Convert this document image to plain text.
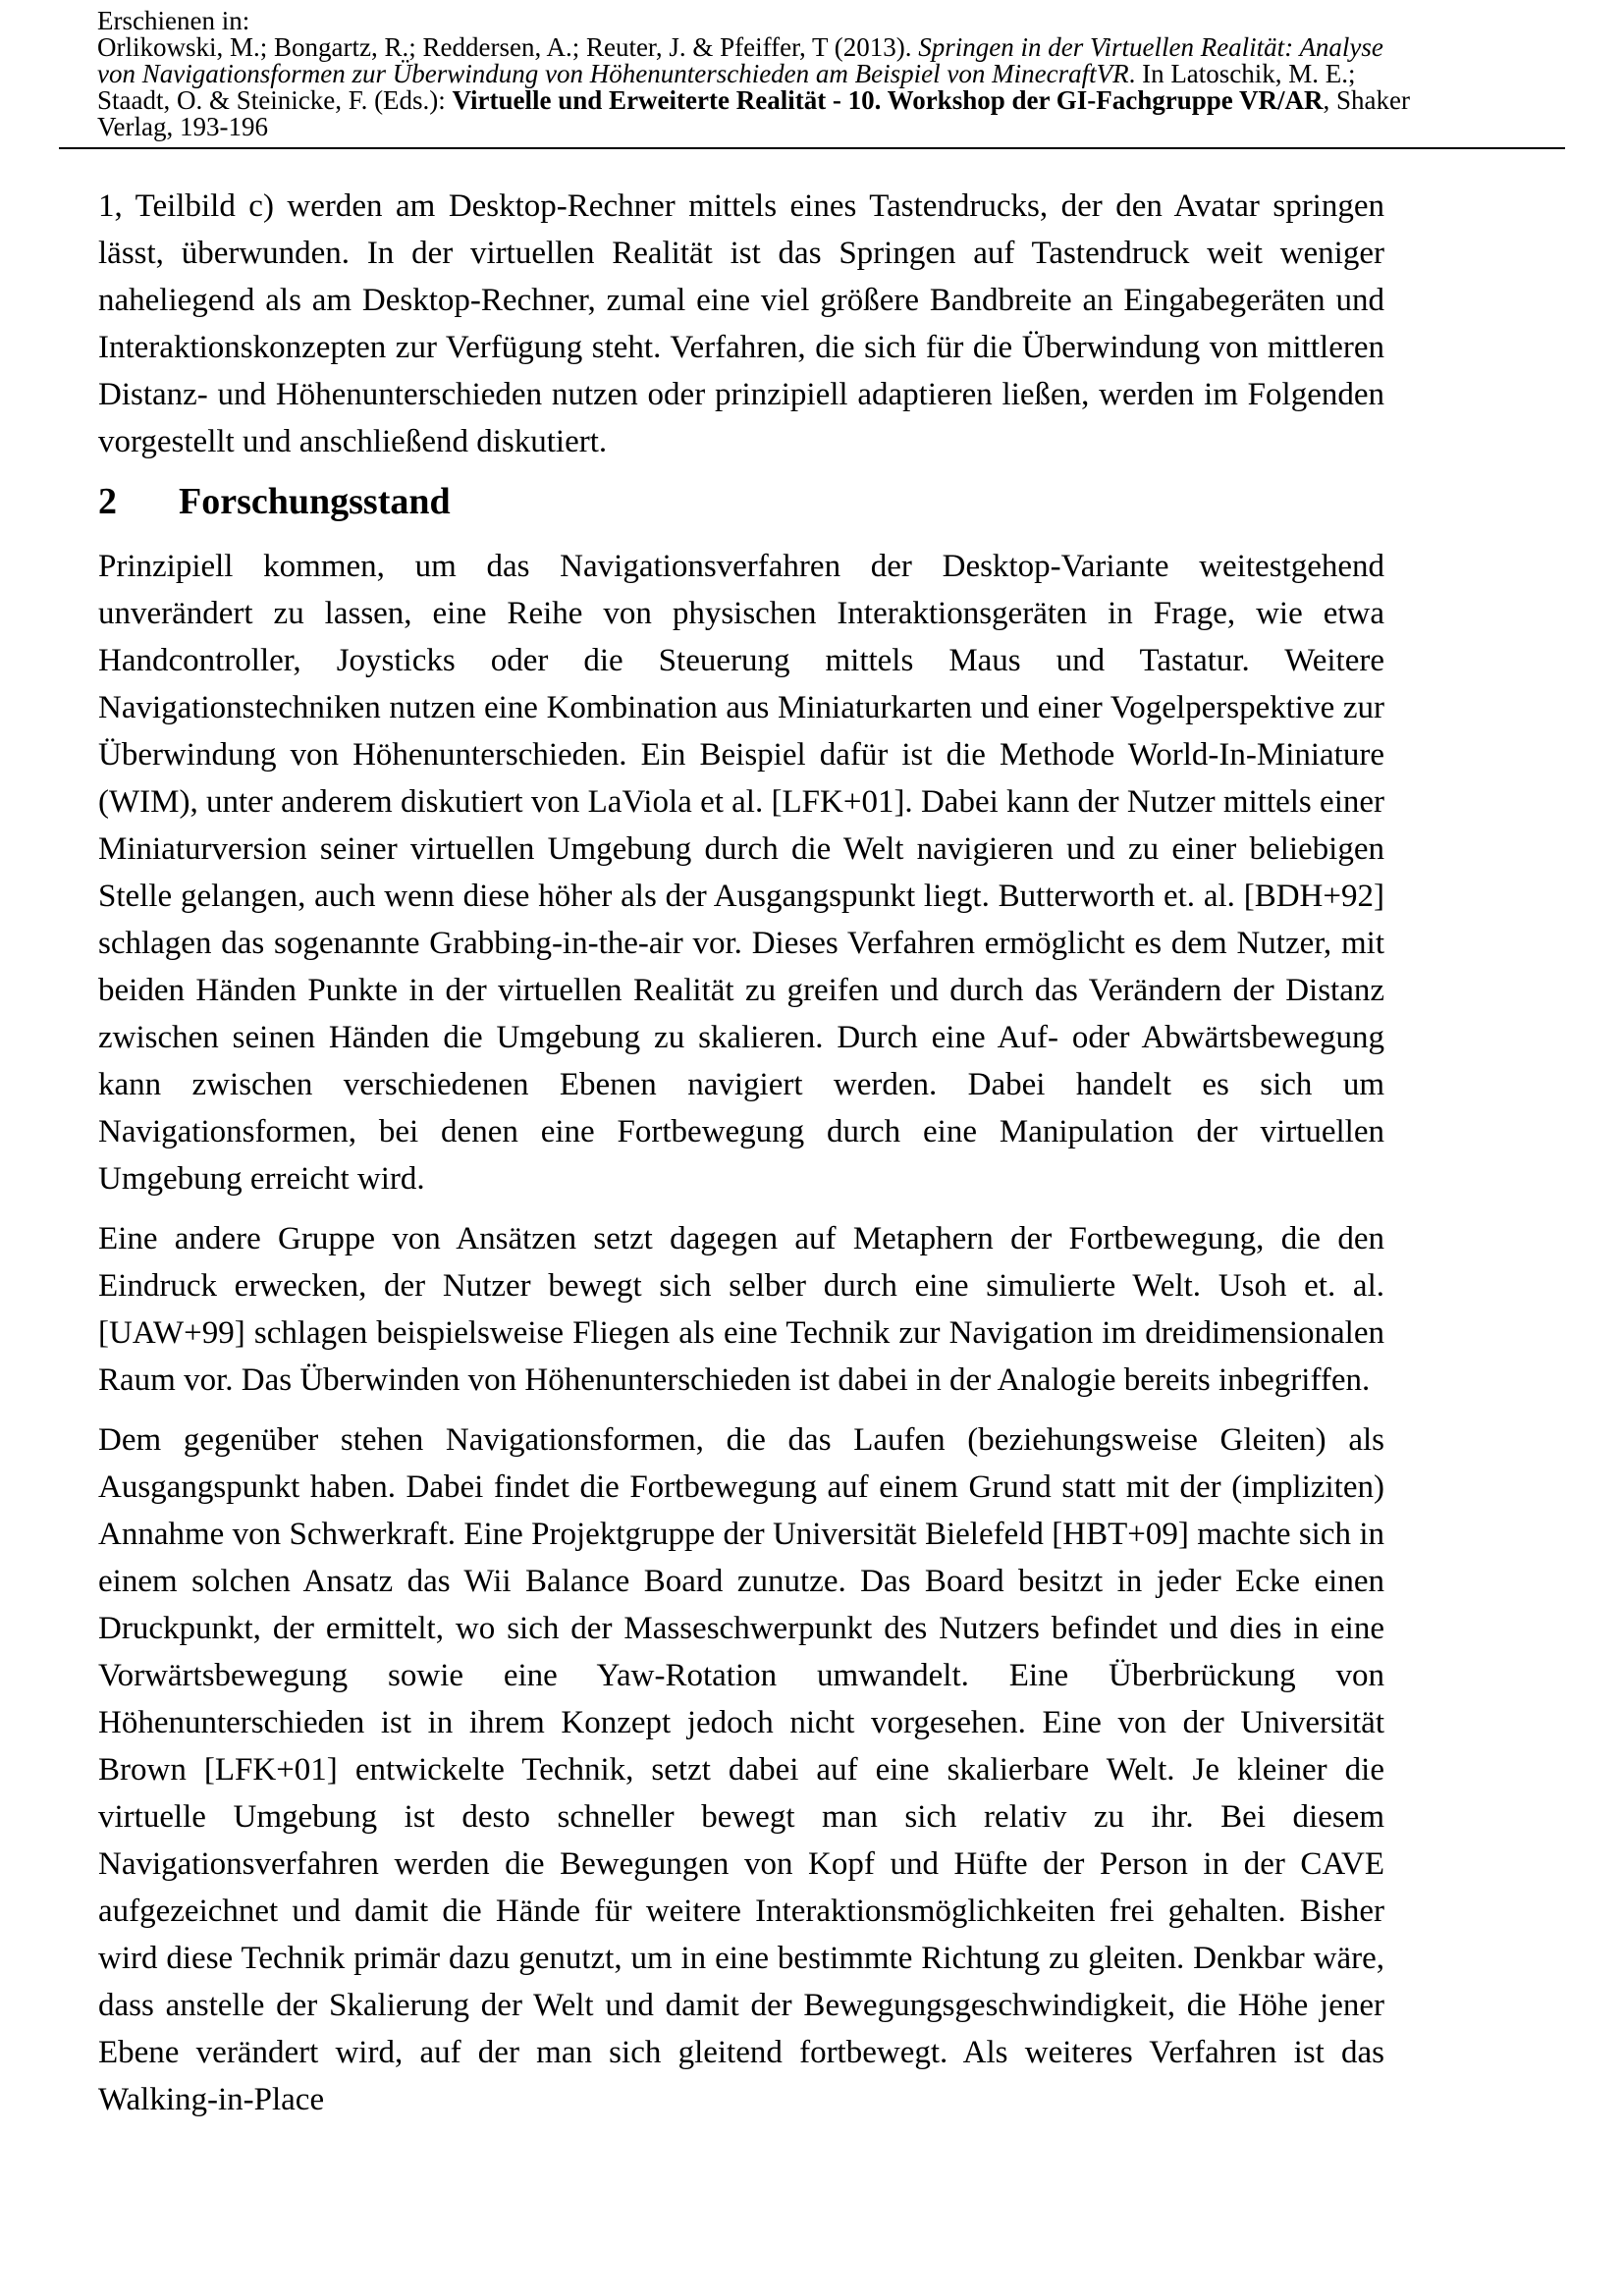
Erschienen in:

Orlikowski, M.; Bongartz, R.; Reddersen, A.; Reuter, J. & Pfeiffer, T (2013). Springen in der Virtuellen Realität: Analyse von Navigationsformen zur Überwindung von Höhenunterschieden am Beispiel von MinecraftVR. In Latoschik, M. E.; Staadt, O. & Steinicke, F. (Eds.): Virtuelle und Erweiterte Realität - 10. Workshop der GI-Fachgruppe VR/AR, Shaker Verlag, 193-196

1, Teilbild c) werden am Desktop-Rechner mittels eines Tastendrucks, der den Avatar springen lässt, überwunden. In der virtuellen Realität ist das Springen auf Tastendruck weit weniger naheliegend als am Desktop-Rechner, zumal eine viel größere Bandbreite an Eingabegeräten und Interaktionskonzepten zur Verfügung steht. Verfahren, die sich für die Überwindung von mittleren Distanz- und Höhenunterschieden nutzen oder prinzipiell adaptieren ließen, werden im Folgenden vorgestellt und anschließend diskutiert.

2 Forschungsstand

Prinzipiell kommen, um das Navigationsverfahren der Desktop-Variante weitestgehend unverändert zu lassen, eine Reihe von physischen Interaktionsgeräten in Frage, wie etwa Handcontroller, Joysticks oder die Steuerung mittels Maus und Tastatur. Weitere Navigationstechniken nutzen eine Kombination aus Miniaturkarten und einer Vogelperspektive zur Überwindung von Höhenunterschieden. Ein Beispiel dafür ist die Methode World-In-Miniature (WIM), unter anderem diskutiert von LaViola et al. [LFK+01]. Dabei kann der Nutzer mittels einer Miniaturversion seiner virtuellen Umgebung durch die Welt navigieren und zu einer beliebigen Stelle gelangen, auch wenn diese höher als der Ausgangspunkt liegt. Butterworth et. al. [BDH+92] schlagen das sogenannte Grabbing-in-the-air vor. Dieses Verfahren ermöglicht es dem Nutzer, mit beiden Händen Punkte in der virtuellen Realität zu greifen und durch das Verändern der Distanz zwischen seinen Händen die Umgebung zu skalieren. Durch eine Auf- oder Abwärtsbewegung kann zwischen verschiedenen Ebenen navigiert werden. Dabei handelt es sich um Navigationsformen, bei denen eine Fortbewegung durch eine Manipulation der virtuellen Umgebung erreicht wird.

Eine andere Gruppe von Ansätzen setzt dagegen auf Metaphern der Fortbewegung, die den Eindruck erwecken, der Nutzer bewegt sich selber durch eine simulierte Welt. Usoh et. al. [UAW+99] schlagen beispielsweise Fliegen als eine Technik zur Navigation im dreidimensionalen Raum vor. Das Überwinden von Höhenunterschieden ist dabei in der Analogie bereits inbegriffen.

Dem gegenüber stehen Navigationsformen, die das Laufen (beziehungsweise Gleiten) als Ausgangspunkt haben. Dabei findet die Fortbewegung auf einem Grund statt mit der (impliziten) Annahme von Schwerkraft. Eine Projektgruppe der Universität Bielefeld [HBT+09] machte sich in einem solchen Ansatz das Wii Balance Board zunutze. Das Board besitzt in jeder Ecke einen Druckpunkt, der ermittelt, wo sich der Masseschwerpunkt des Nutzers befindet und dies in eine Vorwärtsbewegung sowie eine Yaw-Rotation umwandelt. Eine Überbrückung von Höhenunterschieden ist in ihrem Konzept jedoch nicht vorgesehen. Eine von der Universität Brown [LFK+01] entwickelte Technik, setzt dabei auf eine skalierbare Welt. Je kleiner die virtuelle Umgebung ist desto schneller bewegt man sich relativ zu ihr. Bei diesem Navigationsverfahren werden die Bewegungen von Kopf und Hüfte der Person in der CAVE aufgezeichnet und damit die Hände für weitere Interaktionsmöglichkeiten frei gehalten. Bisher wird diese Technik primär dazu genutzt, um in eine bestimmte Richtung zu gleiten. Denkbar wäre, dass anstelle der Skalierung der Welt und damit der Bewegungsgeschwindigkeit, die Höhe jener Ebene verändert wird, auf der man sich gleitend fortbewegt. Als weiteres Verfahren ist das Walking-in-Place
